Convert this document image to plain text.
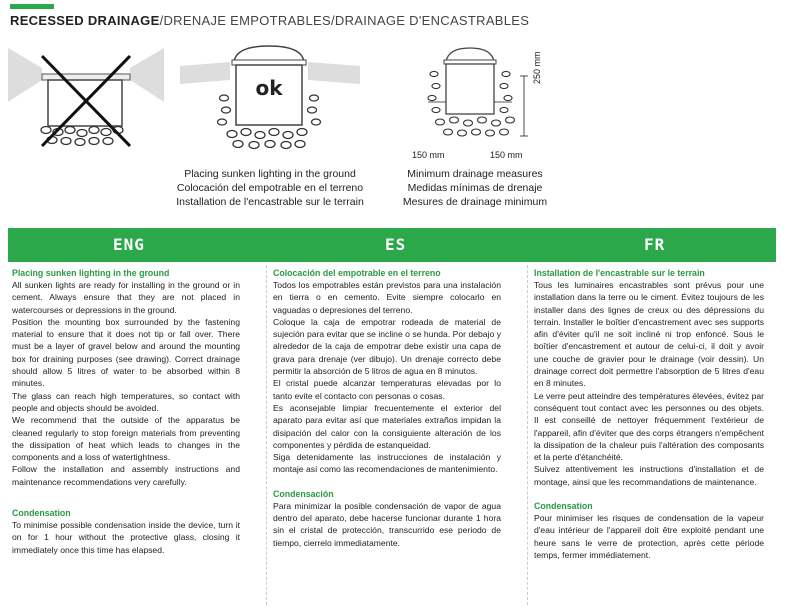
RECESSED DRAINAGE/DRENAJE EMPOTRABLES/DRAINAGE D'ENCASTRABLES
ok
250 mm
150 mm	150 mm
Placing sunken lighting in the ground
Colocación del empotrable en el terreno
Installation de l'encastrable sur le terrain
Minimum drainage measures
Medidas mínimas de drenaje
Mesures de drainage minimum
ENG	ES	FR
Placing sunken lighting in the ground

All sunken lights are ready for installing in the ground or in cement. Always ensure that they are not placed in watercourses or depressions in the ground.

Position the mounting box surrounded by the fastening material to ensure that it does not tip or fall over. There must be a layer of gravel below and around the mounting box for draining purposes (see drawing). Correct drainage should allow 5 litres of water to be absorbed within 8 minutes.

The glass can reach high temperatures, so contact with people and objects should be avoided.

We recommend that the outside of the apparatus be cleaned regularly to stop foreign materials from preventing the dissipation of heat which leads to changes in the components and a loss of watertightness.

Follow the installation and assembly instructions and maintenance recommendations very carefully.

Condensation

To minimise possible condensation inside the device, turn it on for 1 hour without the protective glass, closing it immediately once this time has elapsed.

Colocación del empotrable en el terreno

Todos los empotrables están previstos para una instalación en tierra o en cemento. Evite siempre colocarlo en vaguadas o depresiones del terreno.

Coloque la caja de empotrar rodeada de material de sujeción para evitar que se incline o se hunda. Por debajo y alrededor de la caja de empotrar debe existir una capa de grava para drenaje (ver dibujo). Un drenaje correcto debe permitir la absorción de 5 litros de agua en 8 minutos.

El cristal puede alcanzar temperaturas elevadas por lo tanto evite el contacto con personas o cosas.

Es aconsejable limpiar frecuentemente el exterior del aparato para evitar así que materiales extraños impidan la disipación del calor con la consiguiente alteración de los componentes y pérdida de estanqueidad.

Siga detenidamente las instrucciones de instalación y montaje así como las recomendaciones de mantenimiento.

Condensación

Para minimizar la posible condensación de vapor de agua dentro del aparato, debe hacerse funcionar durante 1 hora sin el cristal de protección, transcurrido ese periodo de tiempo, cierrelo immediatamente.

Installation de l'encastrable sur le terrain

Tous les luminaires encastrables sont prévus pour une installation dans la terre ou le ciment. Évitez toujours de les installer dans des lignes de creux ou des dépressions du terrain. Installer le boîtier d'encastrement avec ses supports afin d'éviter qu'il ne soit incliné ni trop enfoncé. Sous le boîtier d'encastrement et autour de celui-ci, il doit y avoir une couche de gravier pour le drainage (voir dessin). Un drainage correct doit permettre l'absorption de 5 litres d'eau en 8 minutes.

Le verre peut atteindre des températures élevées, évitez par conséquent tout contact avec les personnes ou des objets. Il est conseillé de nettoyer fréquemment l'extérieur de l'appareil, afin d'éviter que des corps étrangers n'empêchent la dissipation de la chaleur puis l'altération des composants et la perte d'étanchéité.

Suivez attentivement les instructions d'installation et de montage, ainsi que les recommandations de maintenance.

Condensation

Pour minimiser les risques de condensation de la vapeur d'eau intérieur de l'appareil doit être exploité pendant une heure sans le verre de protection, après cette période temps, fermer immédiatement.
